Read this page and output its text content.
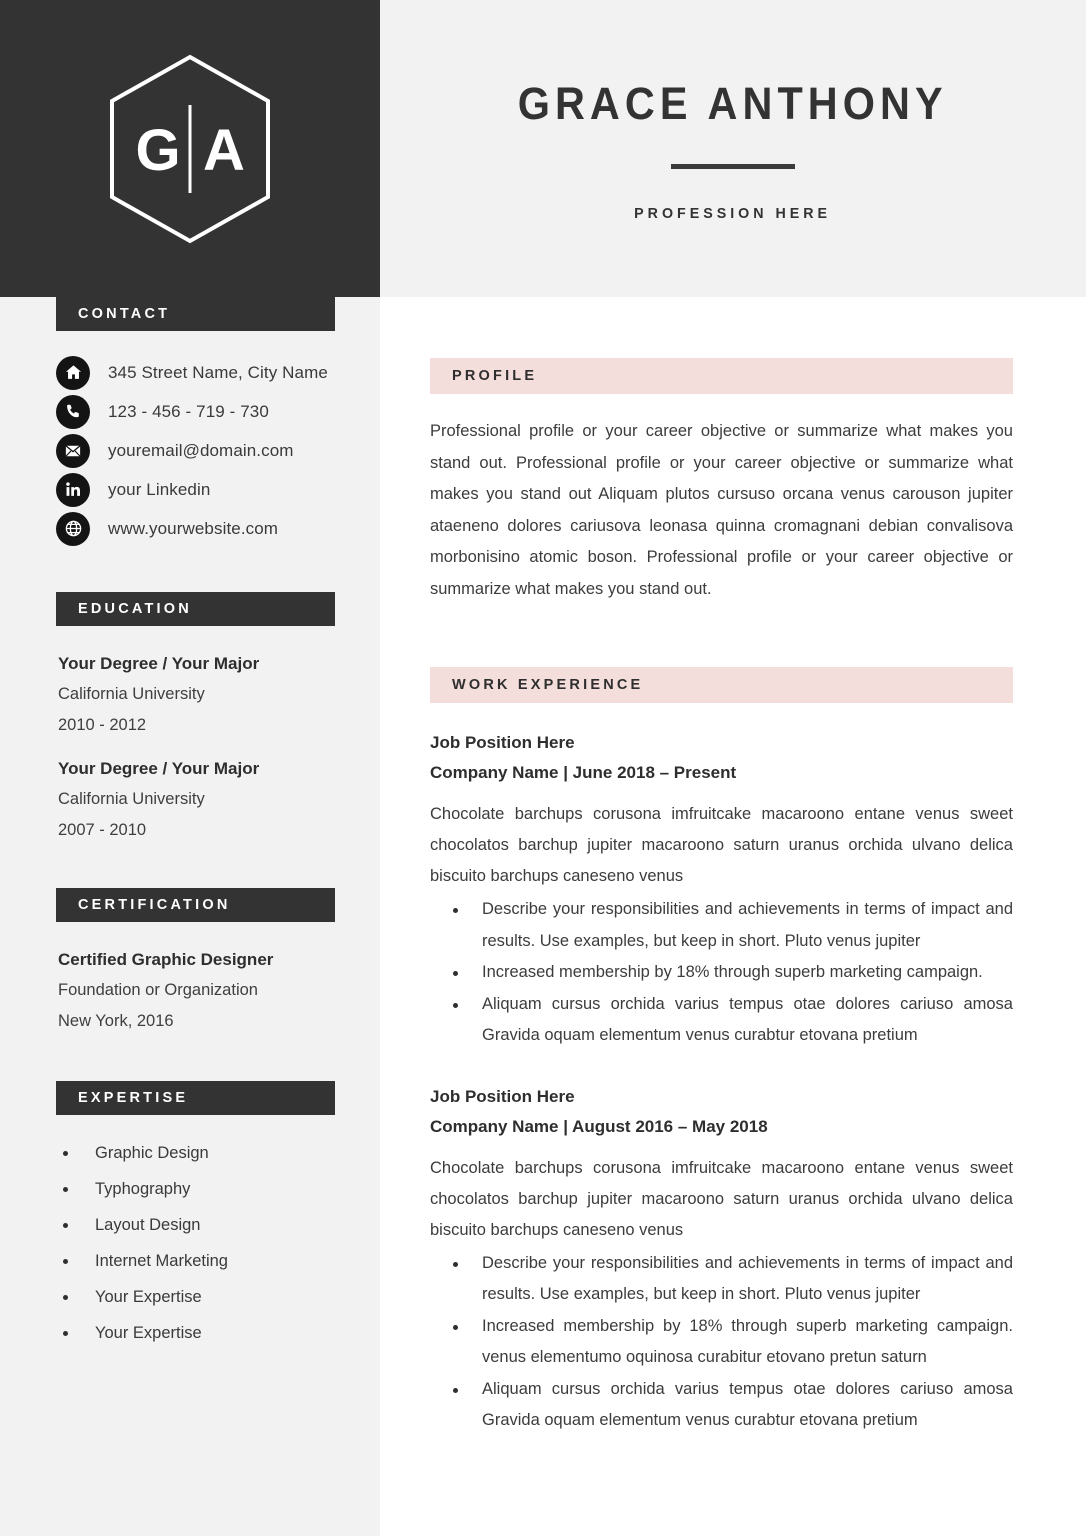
G A
GRACE ANTHONY
PROFESSION HERE
CONTACT
345 Street Name, City Name
123 - 456 - 719 - 730
youremail@domain.com
your Linkedin
www.yourwebsite.com
EDUCATION
Your Degree / Your Major
California University
2010 - 2012
Your Degree / Your Major
California University
2007 - 2010
CERTIFICATION
Certified Graphic Designer
Foundation or Organization
New York, 2016
EXPERTISE
Graphic Design
Typhography
Layout Design
Internet Marketing
Your Expertise
Your Expertise
PROFILE

Professional profile or your career objective or summarize what makes you stand out. Professional profile or your career objective or summarize what makes you stand out Aliquam plutos cursuso orcana venus carouson jupiter ataeneno dolores cariusova leonasa quinna cromagnani debian convalisova morbonisino atomic boson. Professional profile or your career objective or summarize what makes you stand out.

WORK EXPERIENCE
Job Position Here
Company Name | June 2018 – Present

Chocolate barchups corusona imfruitcake macaroono entane venus sweet chocolatos barchup jupiter macaroono saturn uranus orchida ulvano delica biscuito barchups caneseno venus

Describe your responsibilities and achievements in terms of impact and results. Use examples, but keep in short. Pluto venus jupiter
Increased membership by 18% through superb marketing campaign.
Aliquam cursus orchida varius tempus otae dolores cariuso amosa Gravida oquam elementum venus curabtur etovana pretium
Job Position Here
Company Name | August 2016 – May 2018

Chocolate barchups corusona imfruitcake macaroono entane venus sweet chocolatos barchup jupiter macaroono saturn uranus orchida ulvano delica biscuito barchups caneseno venus

Describe your responsibilities and achievements in terms of impact and results. Use examples, but keep in short. Pluto venus jupiter
Increased membership by 18% through superb marketing campaign. venus elementumo oquinosa curabitur etovano pretun saturn
Aliquam cursus orchida varius tempus otae dolores cariuso amosa Gravida oquam elementum venus curabtur etovana pretium
